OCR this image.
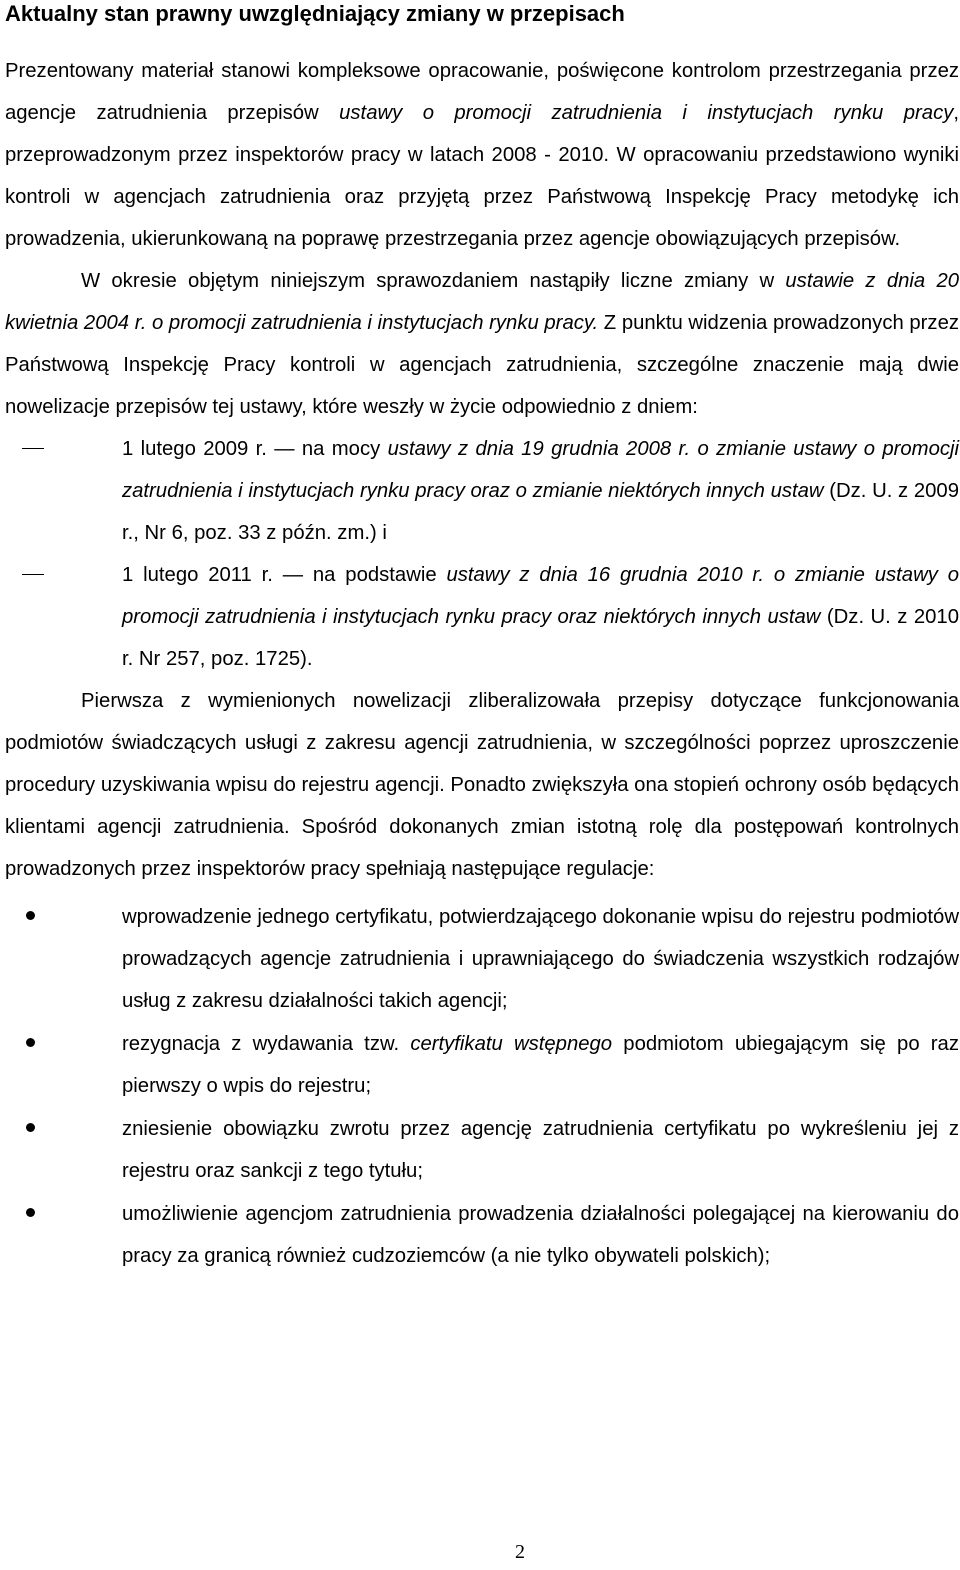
Aktualny stan prawny uwzględniający zmiany w przepisach

Prezentowany materiał stanowi kompleksowe opracowanie, poświęcone kontrolom przestrzegania przez agencje zatrudnienia przepisów ustawy o promocji zatrudnienia i instytucjach rynku pracy, przeprowadzonym przez inspektorów pracy w latach 2008 - 2010. W opracowaniu przedstawiono wyniki kontroli w agencjach zatrudnienia oraz przyjętą przez Państwową Inspekcję Pracy metodykę ich prowadzenia, ukierunkowaną na poprawę przestrzegania przez agencje obowiązujących przepisów.

W okresie objętym niniejszym sprawozdaniem nastąpiły liczne zmiany w ustawie z dnia 20 kwietnia 2004 r. o promocji zatrudnienia i instytucjach rynku pracy. Z punktu widzenia prowadzonych przez Państwową Inspekcję Pracy kontroli w agencjach zatrudnienia, szczególne znaczenie mają dwie nowelizacje przepisów tej ustawy, które weszły w życie odpowiednio z dniem:

1 lutego 2009 r. — na mocy ustawy z dnia 19 grudnia 2008 r. o zmianie ustawy o promocji zatrudnienia i instytucjach rynku pracy oraz o zmianie niektórych innych ustaw (Dz. U. z 2009 r., Nr 6, poz. 33 z późn. zm.) i
1 lutego 2011 r. — na podstawie ustawy z dnia 16 grudnia 2010 r. o zmianie ustawy o promocji zatrudnienia i instytucjach rynku pracy oraz niektórych innych ustaw (Dz. U. z 2010 r. Nr 257, poz. 1725).

Pierwsza z wymienionych nowelizacji zliberalizowała przepisy dotyczące funkcjonowania podmiotów świadczących usługi z zakresu agencji zatrudnienia, w szczególności poprzez uproszczenie procedury uzyskiwania wpisu do rejestru agencji. Ponadto zwiększyła ona stopień ochrony osób będących klientami agencji zatrudnienia. Spośród dokonanych zmian istotną rolę dla postępowań kontrolnych prowadzonych przez inspektorów pracy spełniają następujące regulacje:

wprowadzenie jednego certyfikatu, potwierdzającego dokonanie wpisu do rejestru podmiotów prowadzących agencje zatrudnienia i uprawniającego do świadczenia wszystkich rodzajów usług z zakresu działalności takich agencji;
rezygnacja z wydawania tzw. certyfikatu wstępnego podmiotom ubiegającym się po raz pierwszy o wpis do rejestru;
zniesienie obowiązku zwrotu przez agencję zatrudnienia certyfikatu po wykreśleniu jej z rejestru oraz sankcji z tego tytułu;
umożliwienie agencjom zatrudnienia prowadzenia działalności polegającej na kierowaniu do pracy za granicą również cudzoziemców (a nie tylko obywateli polskich);
2
